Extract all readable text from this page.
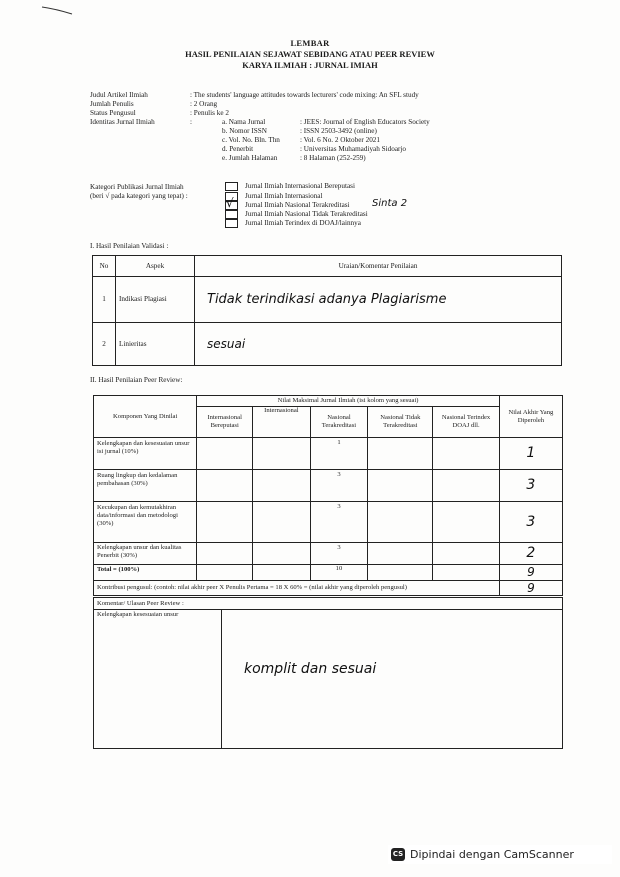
LEMBAR
HASIL PENILAIAN SEJAWAT SEBIDANG ATAU PEER REVIEW
KARYA ILMIAH : JURNAL IMIAH
Judul Artikel Ilmiah	: The students' language attitudes towards lecturers' code mixing: An SFL study
Jumlah Penulis	: 2 Orang
Status Pengusul	: Penulis ke 2
Identitas Jurnal Ilmiah	:	a. Nama Jurnal	: JEES: Journal of English Educators Society
b. Nomor ISSN	: ISSN 2503-3492 (online)
c. Vol. No. Bln. Thn	: Vol. 6 No. 2 Oktober 2021
d. Penerbit	: Universitas Muhamadiyah Sidoarjo
e. Jumlah Halaman	: 8 Halaman (252-259)
Kategori Publikasi Jurnal Ilmiah
(beri √ pada kategori yang tepat) :
Jurnal Ilmiah Internasional Bereputasi
Jurnal Ilmiah Internasional
√ Jurnal Ilmiah Nasional Terakreditasi Sinta 2
Jurnal Ilmiah Nasional Tidak Terakreditasi
Jurnal Ilmiah Terindex di DOAJ/lainnya
I. Hasil Penilaian Validasi :
No	Aspek	Uraian/Komentar Penilaian
1	Indikasi Plagiasi	Tidak terindikasi adanya Plagiarisme
2	Linieritas	sesuai
II. Hasil Penilaian Peer Review:
Komponen Yang Dinilai	Nilai Maksimal Jurnal Ilmiah (isi kolom yang sesuai)					Nilai Akhir Yang Diperoleh
	Internasional Bereputasi	Internasional	Nasional Terakreditasi	Nasional Tidak Terakreditasi	Nasional Terindex DOAJ dll.	
Kelengkapan dan kesesuaian unsur isi jurnal (10%)			1			1
Ruang lingkup dan kedalaman pembahasan (30%)			3			3
Kecukupan dan kemutakhiran data/informasi dan metodologi (30%)			3			3
Kelengkapan unsur dan kualitas Penerbit (30%)			3			2
Total = (100%)			10			9
Kontribusi pengusul: (contoh: nilai akhir peer X Penulis Pertama = 18 X 60% = (nilai akhir yang diperoleh pengusul)						9
Komentar/ Ulasan Peer Review :
Kelengkapan kesesuaian unsur
komplit dan sesuai
CS Dipindai dengan CamScanner
